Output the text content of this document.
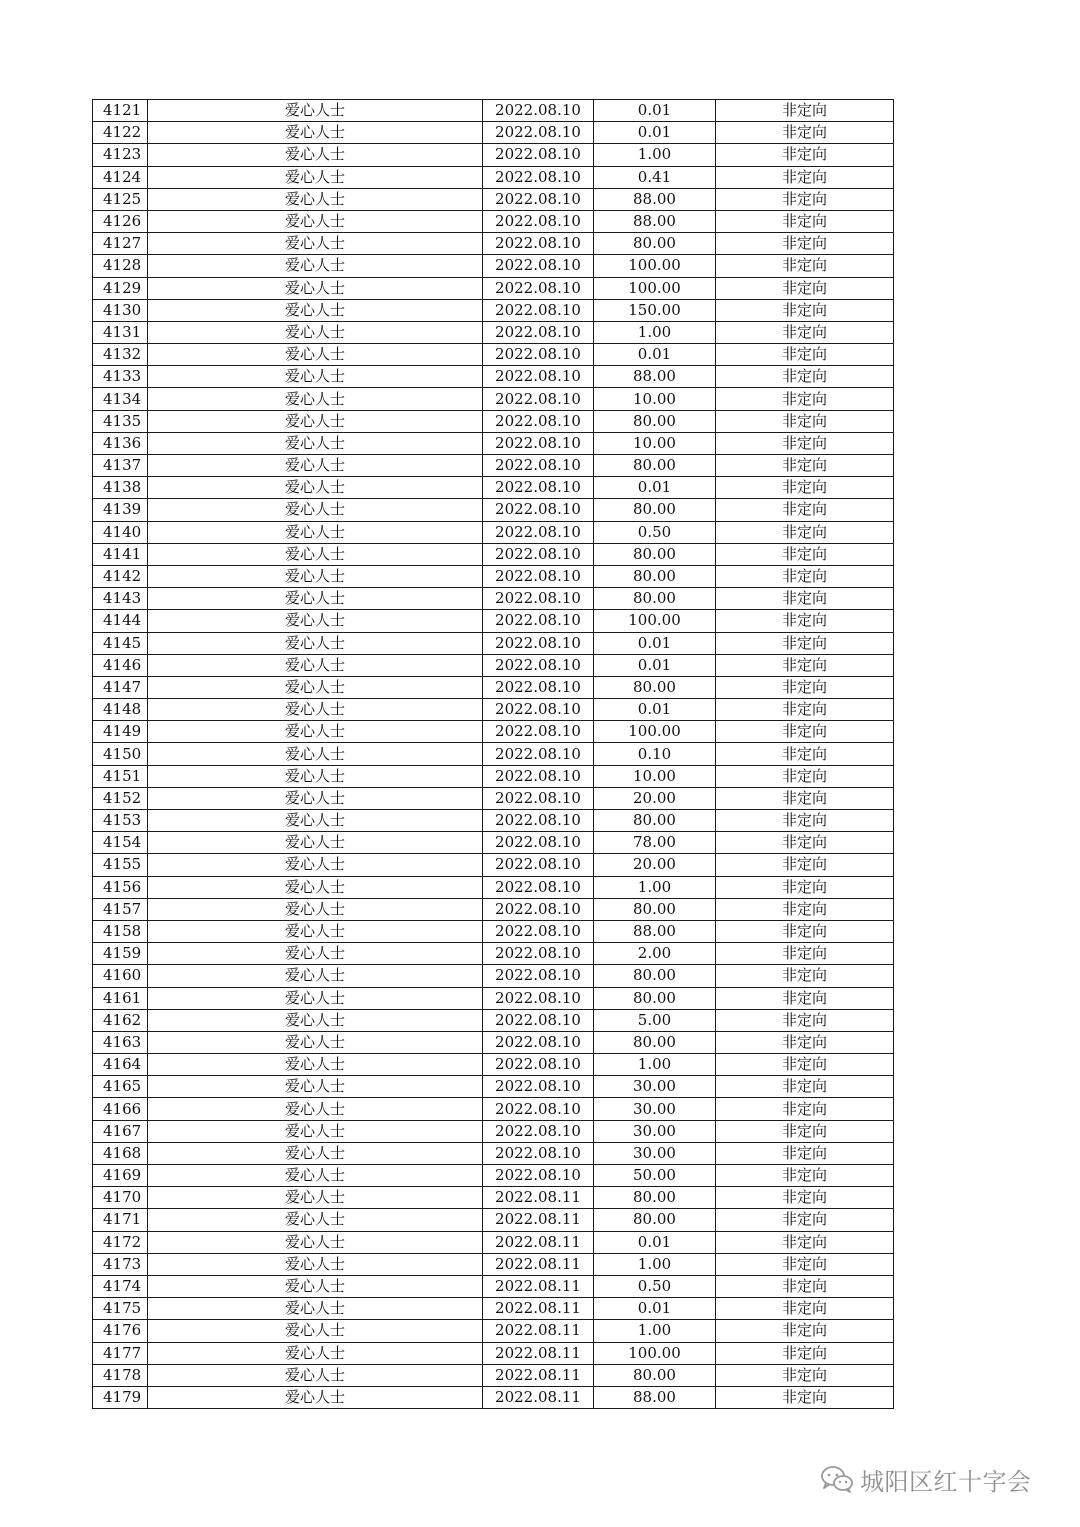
4121	爱心人士	2022.08.10	0.01	非定向
4122	爱心人士	2022.08.10	0.01	非定向
4123	爱心人士	2022.08.10	1.00	非定向
4124	爱心人士	2022.08.10	0.41	非定向
4125	爱心人士	2022.08.10	88.00	非定向
4126	爱心人士	2022.08.10	88.00	非定向
4127	爱心人士	2022.08.10	80.00	非定向
4128	爱心人士	2022.08.10	100.00	非定向
4129	爱心人士	2022.08.10	100.00	非定向
4130	爱心人士	2022.08.10	150.00	非定向
4131	爱心人士	2022.08.10	1.00	非定向
4132	爱心人士	2022.08.10	0.01	非定向
4133	爱心人士	2022.08.10	88.00	非定向
4134	爱心人士	2022.08.10	10.00	非定向
4135	爱心人士	2022.08.10	80.00	非定向
4136	爱心人士	2022.08.10	10.00	非定向
4137	爱心人士	2022.08.10	80.00	非定向
4138	爱心人士	2022.08.10	0.01	非定向
4139	爱心人士	2022.08.10	80.00	非定向
4140	爱心人士	2022.08.10	0.50	非定向
4141	爱心人士	2022.08.10	80.00	非定向
4142	爱心人士	2022.08.10	80.00	非定向
4143	爱心人士	2022.08.10	80.00	非定向
4144	爱心人士	2022.08.10	100.00	非定向
4145	爱心人士	2022.08.10	0.01	非定向
4146	爱心人士	2022.08.10	0.01	非定向
4147	爱心人士	2022.08.10	80.00	非定向
4148	爱心人士	2022.08.10	0.01	非定向
4149	爱心人士	2022.08.10	100.00	非定向
4150	爱心人士	2022.08.10	0.10	非定向
4151	爱心人士	2022.08.10	10.00	非定向
4152	爱心人士	2022.08.10	20.00	非定向
4153	爱心人士	2022.08.10	80.00	非定向
4154	爱心人士	2022.08.10	78.00	非定向
4155	爱心人士	2022.08.10	20.00	非定向
4156	爱心人士	2022.08.10	1.00	非定向
4157	爱心人士	2022.08.10	80.00	非定向
4158	爱心人士	2022.08.10	88.00	非定向
4159	爱心人士	2022.08.10	2.00	非定向
4160	爱心人士	2022.08.10	80.00	非定向
4161	爱心人士	2022.08.10	80.00	非定向
4162	爱心人士	2022.08.10	5.00	非定向
4163	爱心人士	2022.08.10	80.00	非定向
4164	爱心人士	2022.08.10	1.00	非定向
4165	爱心人士	2022.08.10	30.00	非定向
4166	爱心人士	2022.08.10	30.00	非定向
4167	爱心人士	2022.08.10	30.00	非定向
4168	爱心人士	2022.08.10	30.00	非定向
4169	爱心人士	2022.08.10	50.00	非定向
4170	爱心人士	2022.08.11	80.00	非定向
4171	爱心人士	2022.08.11	80.00	非定向
4172	爱心人士	2022.08.11	0.01	非定向
4173	爱心人士	2022.08.11	1.00	非定向
4174	爱心人士	2022.08.11	0.50	非定向
4175	爱心人士	2022.08.11	0.01	非定向
4176	爱心人士	2022.08.11	1.00	非定向
4177	爱心人士	2022.08.11	100.00	非定向
4178	爱心人士	2022.08.11	80.00	非定向
4179	爱心人士	2022.08.11	88.00	非定向
城阳区红十字会
